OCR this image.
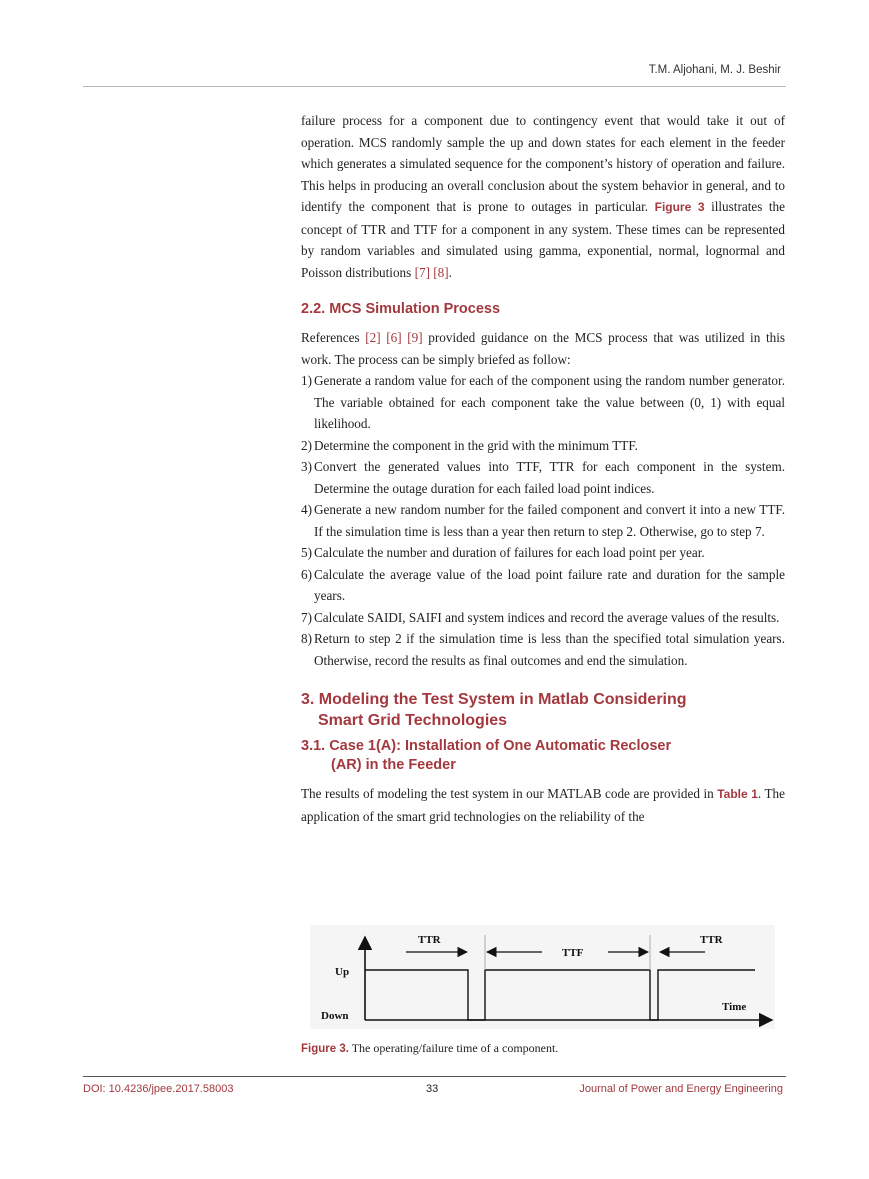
T.M. Aljohani, M. J. Beshir

failure process for a component due to contingency event that would take it out of operation. MCS randomly sample the up and down states for each element in the feeder which generates a simulated sequence for the component’s history of operation and failure. This helps in producing an overall conclusion about the system behavior in general, and to identify the component that is prone to outages in particular. Figure 3 illustrates the concept of TTR and TTF for a component in any system. These times can be represented by random variables and simulated using gamma, exponential, normal, lognormal and Poisson distributions [7] [8].

2.2. MCS Simulation Process

References [2] [6] [9] provided guidance on the MCS process that was utilized in this work. The process can be simply briefed as follow:

1) Generate a random value for each of the component using the random number generator. The variable obtained for each component take the value between (0, 1) with equal likelihood.
2) Determine the component in the grid with the minimum TTF.
3) Convert the generated values into TTF, TTR for each component in the system. Determine the outage duration for each failed load point indices.
4) Generate a new random number for the failed component and convert it into a new TTF. If the simulation time is less than a year then return to step 2. Otherwise, go to step 7.
5) Calculate the number and duration of failures for each load point per year.
6) Calculate the average value of the load point failure rate and duration for the sample years.
7) Calculate SAIDI, SAIFI and system indices and record the average values of the results.
8) Return to step 2 if the simulation time is less than the specified total simulation years. Otherwise, record the results as final outcomes and end the simulation.
3. Modeling the Test System in Matlab Considering
Smart Grid Technologies
3.1. Case 1(A): Installation of One Automatic Recloser
(AR) in the Feeder

The results of modeling the test system in our MATLAB code are provided in Table 1. The application of the smart grid technologies on the reliability of the

TTR
TTF
TTR
Up
Down
Time
Figure 3. The operating/failure time of a component.
DOI: 10.4236/jpee.2017.58003	33	Journal of Power and Energy Engineering
